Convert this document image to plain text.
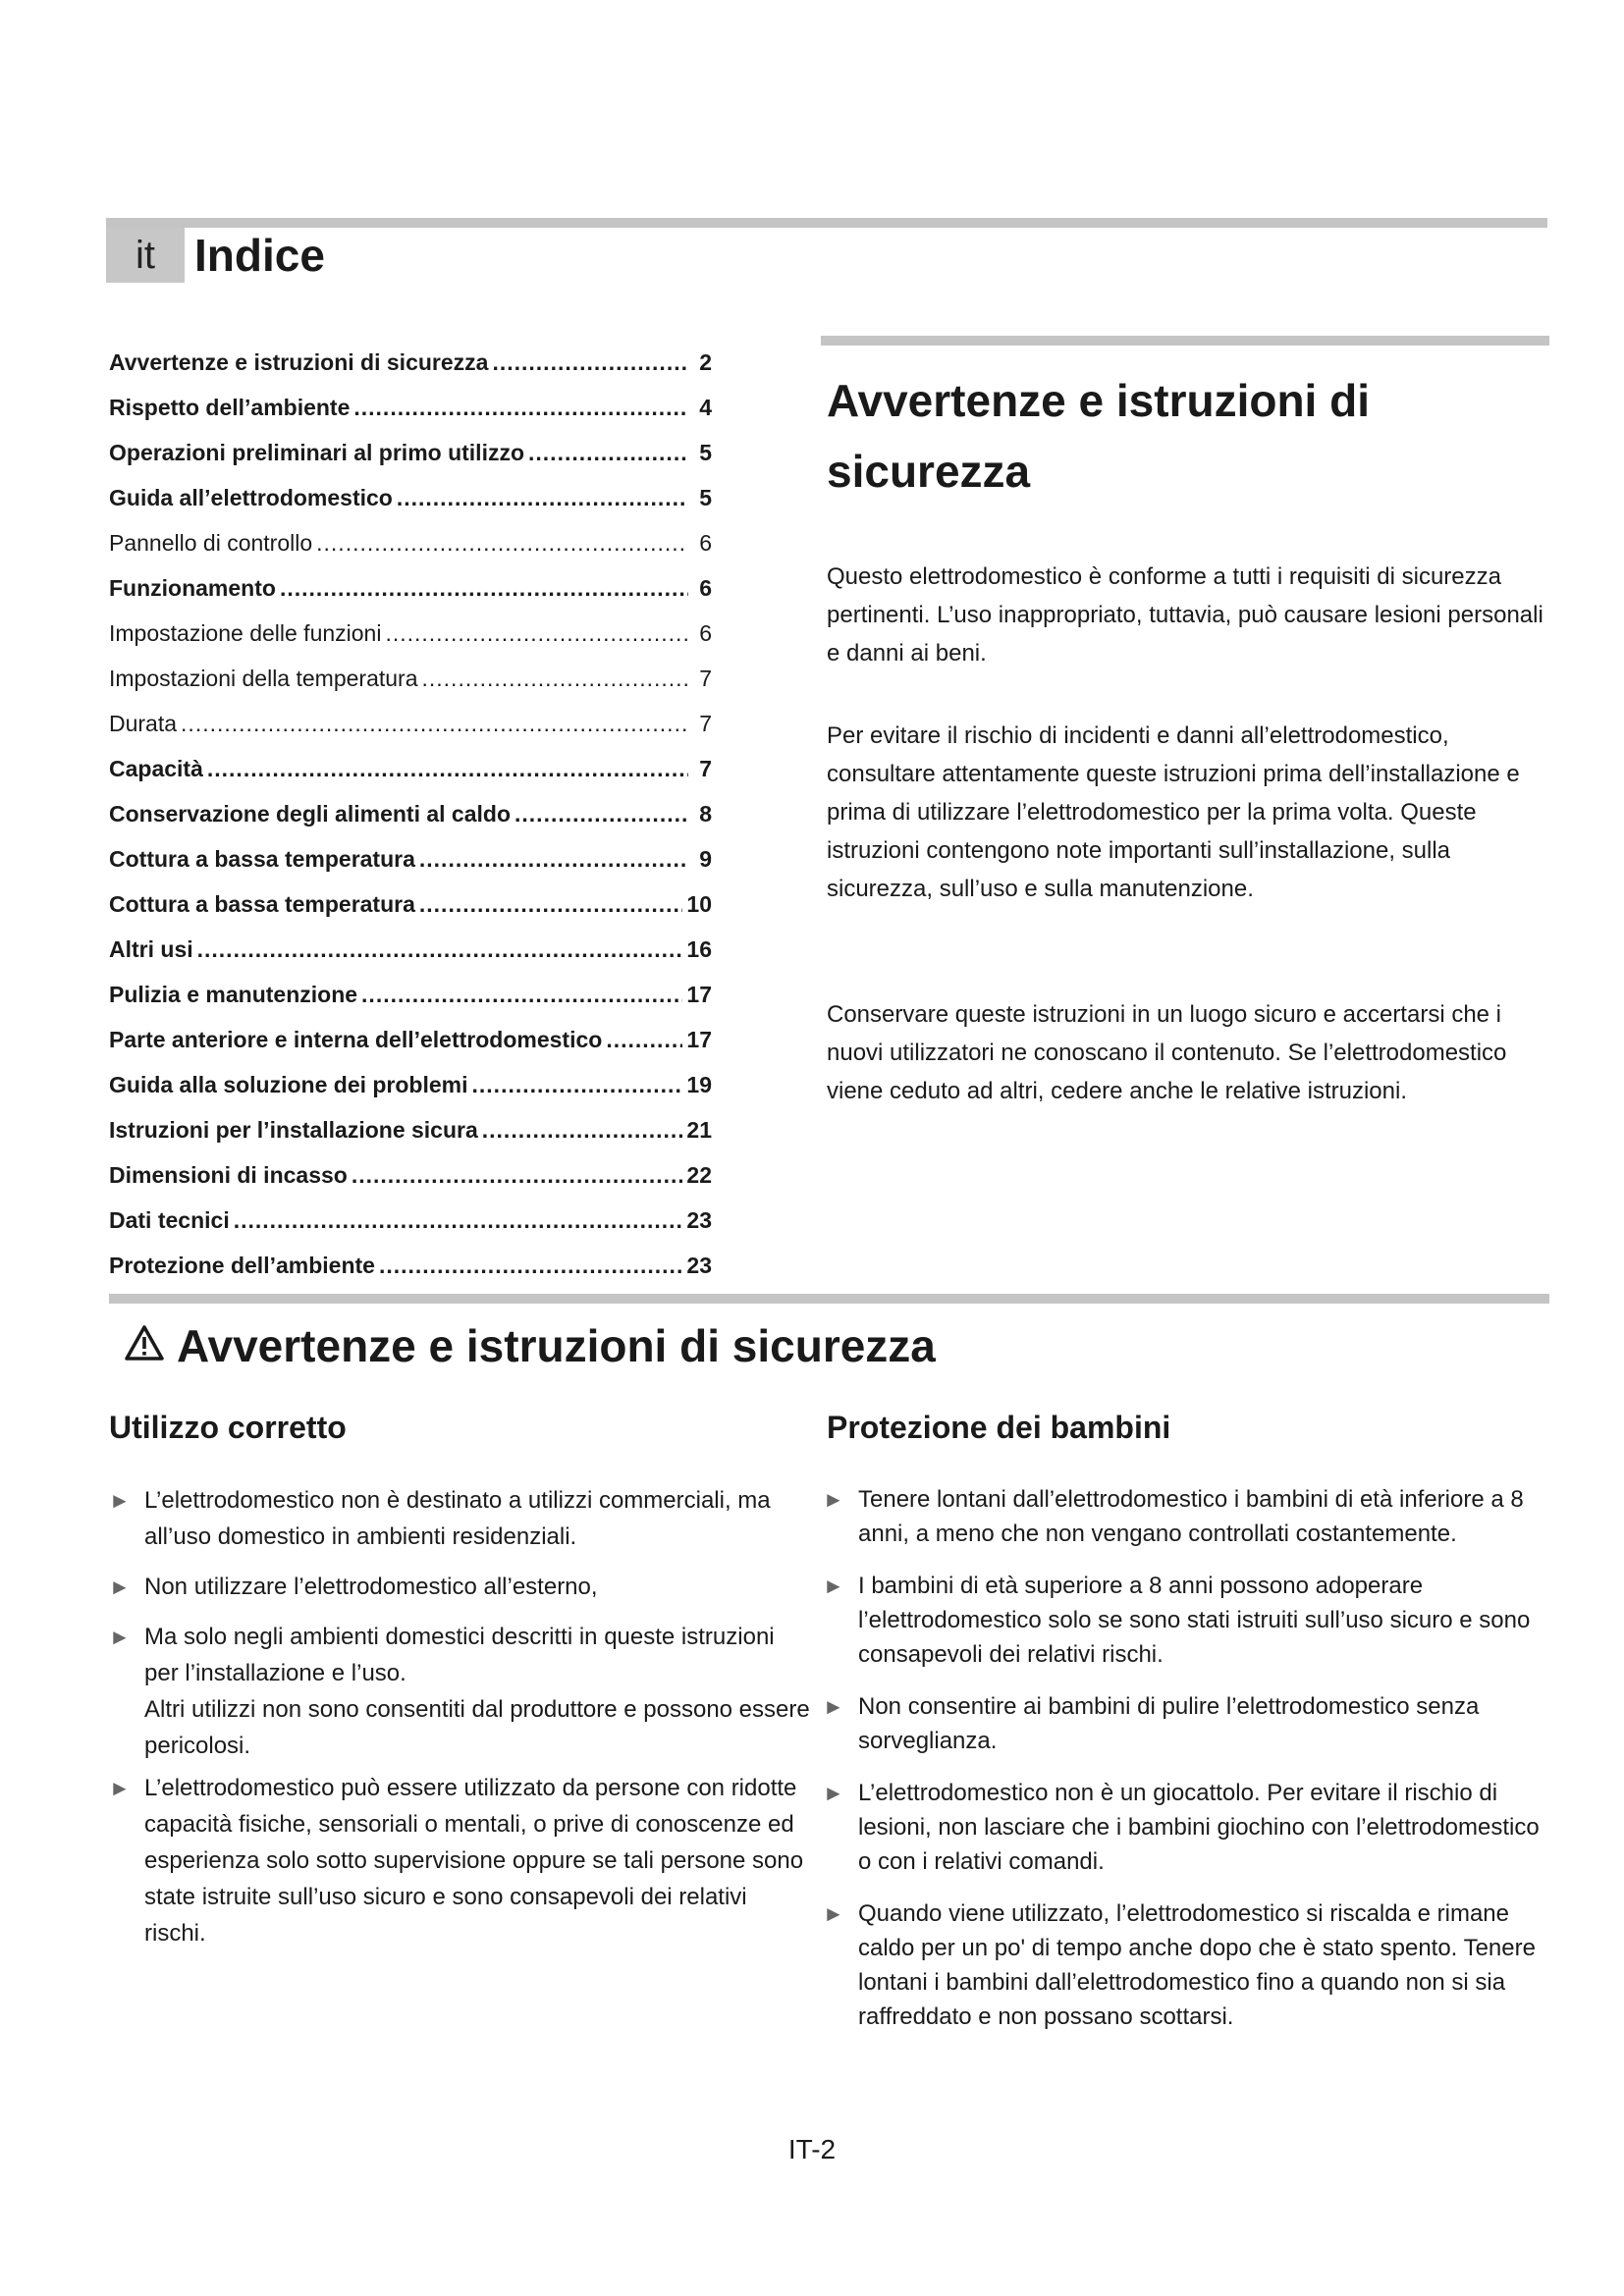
it Indice
Avvertenze e istruzioni di sicurezza .....	2
Rispetto dell’ambiente .....	4
Operazioni preliminari al primo utilizzo .....	5
Guida all’elettrodomestico .....	5
Pannello di controllo .....	6
Funzionamento .....	6
Impostazione delle funzioni .....	6
Impostazioni della temperatura .....	7
Durata .....	7
Capacità .....	7
Conservazione degli alimenti al caldo .....	8
Cottura a bassa temperatura .....	9
Cottura a bassa temperatura .....	10
Altri usi .....	16
Pulizia e manutenzione .....	17
Parte anteriore e interna dell’elettrodomestico .....	17
Guida alla soluzione dei problemi .....	19
Istruzioni per l’installazione sicura .....	21
Dimensioni di incasso .....	22
Dati tecnici .....	23
Protezione dell’ambiente .....	23
Avvertenze e istruzioni di sicurezza

Questo elettrodomestico è conforme a tutti i requisiti di sicurezza pertinenti. L’uso inappropriato, tuttavia, può causare lesioni personali e danni ai beni.

Per evitare il rischio di incidenti e danni all’elettrodomestico, consultare attentamente queste istruzioni prima dell’installazione e prima di utilizzare l’elettrodomestico per la prima volta. Queste istruzioni contengono note importanti sull’installazione, sulla sicurezza, sull’uso e sulla manutenzione.

Conservare queste istruzioni in un luogo sicuro e accertarsi che i nuovi utilizzatori ne conoscano il contenuto. Se l’elettrodomestico viene ceduto ad altri, cedere anche le relative istruzioni.

Avvertenze e istruzioni di sicurezza
Utilizzo corretto	Protezione dei bambini
► L’elettrodomestico non è destinato a utilizzi commerciali, ma all’uso domestico in ambienti residenziali.
► Non utilizzare l’elettrodomestico all’esterno,
► Ma solo negli ambienti domestici descritti in queste istruzioni per l’installazione e l’uso.
Altri utilizzi non sono consentiti dal produttore e possono essere pericolosi.
► L’elettrodomestico può essere utilizzato da persone con ridotte capacità fisiche, sensoriali o mentali, o prive di conoscenze ed esperienza solo sotto supervisione oppure se tali persone sono state istruite sull’uso sicuro e sono consapevoli dei relativi rischi.
► Tenere lontani dall’elettrodomestico i bambini di età inferiore a 8 anni, a meno che non vengano controllati costantemente.
► I bambini di età superiore a 8 anni possono adoperare l’elettrodomestico solo se sono stati istruiti sull’uso sicuro e sono consapevoli dei relativi rischi.
► Non consentire ai bambini di pulire l’elettrodomestico senza sorveglianza.
► L’elettrodomestico non è un giocattolo. Per evitare il rischio di lesioni, non lasciare che i bambini giochino con l’elettrodomestico o con i relativi comandi.
► Quando viene utilizzato, l’elettrodomestico si riscalda e rimane caldo per un po' di tempo anche dopo che è stato spento. Tenere lontani i bambini dall’elettrodomestico fino a quando non si sia raffreddato e non possano scottarsi.
IT-2
